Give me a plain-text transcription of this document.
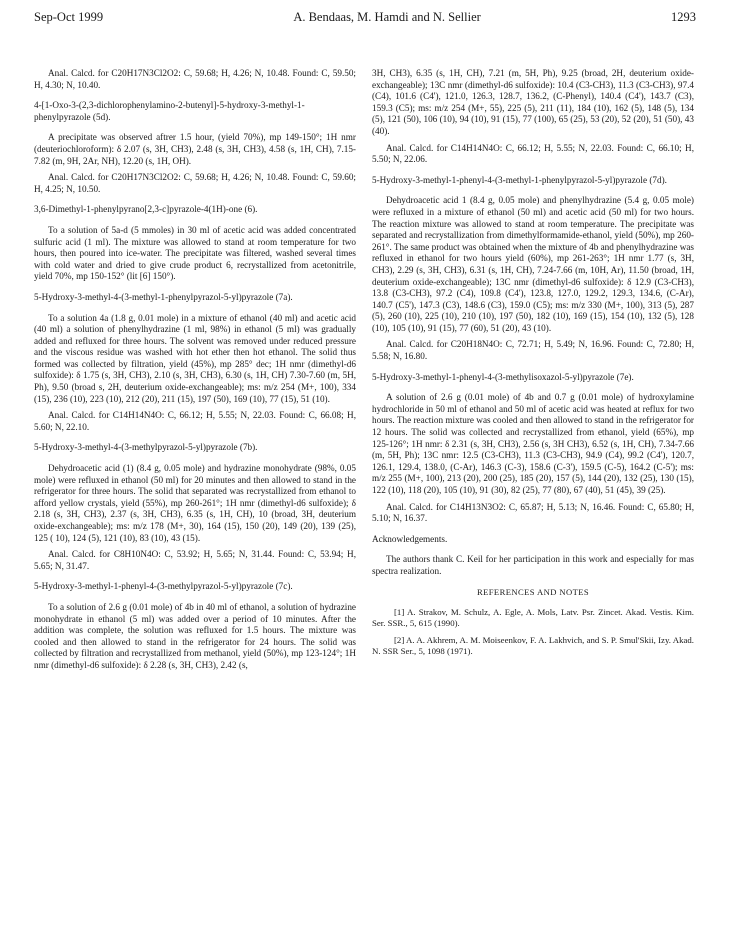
Sep-Oct 1999	A. Bendaas, M. Hamdi and N. Sellier	1293

Anal. Calcd. for C20H17N3Cl2O2: C, 59.68; H, 4.26; N, 10.48. Found: C, 59.50; H, 4.30; N, 10.40.

4-[1-Oxo-3-(2,3-dichlorophenylamino-2-butenyl]-5-hydroxy-3-methyl-1-phenylpyrazole (5d).

A precipitate was observed aftrer 1.5 hour, (yield 70%), mp 149-150°; 1H nmr (deuteriochloroform): δ 2.07 (s, 3H, CH3), 2.48 (s, 3H, CH3), 4.58 (s, 1H, CH), 7.15-7.82 (m, 9H, 2Ar, NH), 12.20 (s, 1H, OH).

Anal. Calcd. for C20H17N3Cl2O2: C, 59.68; H, 4.26; N, 10.48. Found: C, 59.60; H, 4.25; N, 10.50.

3,6-Dimethyl-1-phenylpyrano[2,3-c]pyrazole-4(1H)-one (6).

To a solution of 5a-d (5 mmoles) in 30 ml of acetic acid was added concentrated sulfuric acid (1 ml). The mixture was allowed to stand at room temperature for two hours, then poured into ice-water. The precipitate was filtered, washed several times with cold water and dried to give crude product 6, recrystallized from acetonitrile, yield 70%, mp 150-152° (lit [6] 150°).

5-Hydroxy-3-methyl-4-(3-methyl-1-phenylpyrazol-5-yl)pyrazole (7a).

To a solution 4a (1.8 g, 0.01 mole) in a mixture of ethanol (40 ml) and acetic acid (40 ml) a solution of phenylhydrazine (1 ml, 98%) in ethanol (5 ml) was gradually added and refluxed for three hours. The solvent was removed under reduced pressure and the viscous residue was washed with hot ether then hot ethanol. The solid thus formed was collected by filtration, yield (45%), mp 285° dec; 1H nmr (dimethyl-d6 sulfoxide): δ 1.75 (s, 3H, CH3), 2.10 (s, 3H, CH3), 6.30 (s, 1H, CH) 7.30-7.60 (m, 5H, Ph), 9.50 (broad s, 2H, deuterium oxide-exchangeable); ms: m/z 254 (M+, 100), 334 (15), 236 (10), 223 (10), 212 (20), 211 (15), 197 (50), 169 (10), 77 (15), 51 (10).

Anal. Calcd. for C14H14N4O: C, 66.12; H, 5.55; N, 22.03. Found: C, 66.08; H, 5.60; N, 22.10.

5-Hydroxy-3-methyl-4-(3-methylpyrazol-5-yl)pyrazole (7b).

Dehydroacetic acid (1) (8.4 g, 0.05 mole) and hydrazine monohydrate (98%, 0.05 mole) were refluxed in ethanol (50 ml) for 20 minutes and then allowed to stand in the refrigerator for three hours. The solid that separated was recrystallized from ethanol to afford yellow crystals, yield (55%), mp 260-261°; 1H nmr (dimethyl-d6 sulfoxide); δ 2.18 (s, 3H, CH3), 2.37 (s, 3H, CH3), 6.35 (s, 1H, CH), 10 (broad, 3H, deuterium oxide-exchangeable); ms: m/z 178 (M+, 30), 164 (15), 150 (20), 149 (20), 139 (25), 125 ( 10), 124 (5), 121 (10), 83 (10), 43 (15).

Anal. Calcd. for C8H10N4O: C, 53.92; H, 5.65; N, 31.44. Found: C, 53.94; H, 5.65; N, 31.47.

5-Hydroxy-3-methyl-1-phenyl-4-(3-methylpyrazol-5-yl)pyrazole (7c).

To a solution of 2.6 g (0.01 mole) of 4b in 40 ml of ethanol, a solution of hydrazine monohydrate in ethanol (5 ml) was added over a period of 10 minutes. After the addition was complete, the solution was refluxed for 1.5 hours. The mixture was cooled and then allowed to stand in the refrigerator for 24 hours. The solid was collected by filtration and recrystallized from methanol, yield (50%), mp 123-124°; 1H nmr (dimethyl-d6 sulfoxide): δ 2.28 (s, 3H, CH3), 2.42 (s,

3H, CH3), 6.35 (s, 1H, CH), 7.21 (m, 5H, Ph), 9.25 (broad, 2H, deuterium oxide-exchangeable); 13C nmr (dimethyl-d6 sulfoxide): 10.4 (C3-CH3), 11.3 (C3-CH3), 97.4 (C4), 101.6 (C4'), 121.0, 126.3, 128.7, 136.2, (C-Phenyl), 140.4 (C4'), 143.7 (C3), 159.3 (C5); ms: m/z 254 (M+, 55), 225 (5), 211 (11), 184 (10), 162 (5), 148 (5), 134 (5), 121 (50), 106 (10), 94 (10), 91 (15), 77 (100), 65 (25), 53 (20), 52 (20), 51 (50), 43 (40).

Anal. Calcd. for C14H14N4O: C, 66.12; H, 5.55; N, 22.03. Found: C, 66.10; H, 5.50; N, 22.06.

5-Hydroxy-3-methyl-1-phenyl-4-(3-methyl-1-phenylpyrazol-5-yl)pyrazole (7d).

Dehydroacetic acid 1 (8.4 g, 0.05 mole) and phenylhydrazine (5.4 g, 0.05 mole) were refluxed in a mixture of ethanol (50 ml) and acetic acid (50 ml) for two hours. The reaction mixture was allowed to stand at room temperature. The precipitate was separated and recrystallization from dimethylformamide-ethanol, yield (50%), mp 260-261°. The same product was obtained when the mixture of 4b and phenylhydrazine was refluxed in ethanol for two hours yield (60%), mp 261-263°; 1H nmr 1.77 (s, 3H, CH3), 2.29 (s, 3H, CH3), 6.31 (s, 1H, CH), 7.24-7.66 (m, 10H, Ar), 11.50 (broad, 1H, deuterium oxide-exchangeable); 13C nmr (dimethyl-d6 sulfoxide): δ 12.9 (C3-CH3), 13.8 (C3-CH3), 97.2 (C4), 109.8 (C4'), 123.8, 127.0, 129.2, 129.3, 134.6, (C-Ar), 140.7 (C5'), 147.3 (C3), 148.6 (C3), 159.0 (C5); ms: m/z 330 (M+, 100), 313 (5), 287 (5), 260 (10), 225 (10), 210 (10), 197 (50), 182 (10), 169 (15), 154 (10), 132 (5), 128 (10), 105 (10), 91 (15), 77 (60), 51 (20), 43 (10).

Anal. Calcd. for C20H18N4O: C, 72.71; H, 5.49; N, 16.96. Found: C, 72.80; H, 5.58; N, 16.80.

5-Hydroxy-3-methyl-1-phenyl-4-(3-methylisoxazol-5-yl)pyrazole (7e).

A solution of 2.6 g (0.01 mole) of 4b and 0.7 g (0.01 mole) of hydroxylamine hydrochloride in 50 ml of ethanol and 50 ml of acetic acid was heated at reflux for two hours. The reaction mixture was cooled and then allowed to stand in the refrigerator for 12 hours. The solid was collected and recrystallized from ethanol, yield (65%), mp 125-126°; 1H nmr: δ 2.31 (s, 3H, CH3), 2.56 (s, 3H CH3), 6.52 (s, 1H, CH), 7.34-7.66 (m, 5H, Ph); 13C nmr: 12.5 (C3-CH3), 11.3 (C3-CH3), 94.9 (C4), 99.2 (C4'), 120.7, 126.1, 129.4, 138.0, (C-Ar), 146.3 (C-3), 158.6 (C-3'), 159.5 (C-5), 164.2 (C-5'); ms: m/z 255 (M+, 100), 213 (20), 200 (25), 185 (20), 157 (5), 144 (20), 132 (25), 130 (15), 122 (10), 118 (20), 105 (10), 91 (30), 82 (25), 77 (80), 67 (40), 51 (45), 39 (25).

Anal. Calcd. for C14H13N3O2: C, 65.87; H, 5.13; N, 16.46. Found: C, 65.80; H, 5.10; N, 16.37.

Acknowledgements.

The authors thank C. Keil for her participation in this work and especially for mas spectra realization.

REFERENCES AND NOTES
[1] A. Strakov, M. Schulz, A. Egle, A. Mols, Latv. Psr. Zincet. Akad. Vestis. Kim. Ser. SSR., 5, 615 (1990).
[2] A. A. Akhrem, A. M. Moiseenkov, F. A. Lakhvich, and S. P. Smul'Skii, Izy. Akad. N. SSR Ser., 5, 1098 (1971).
